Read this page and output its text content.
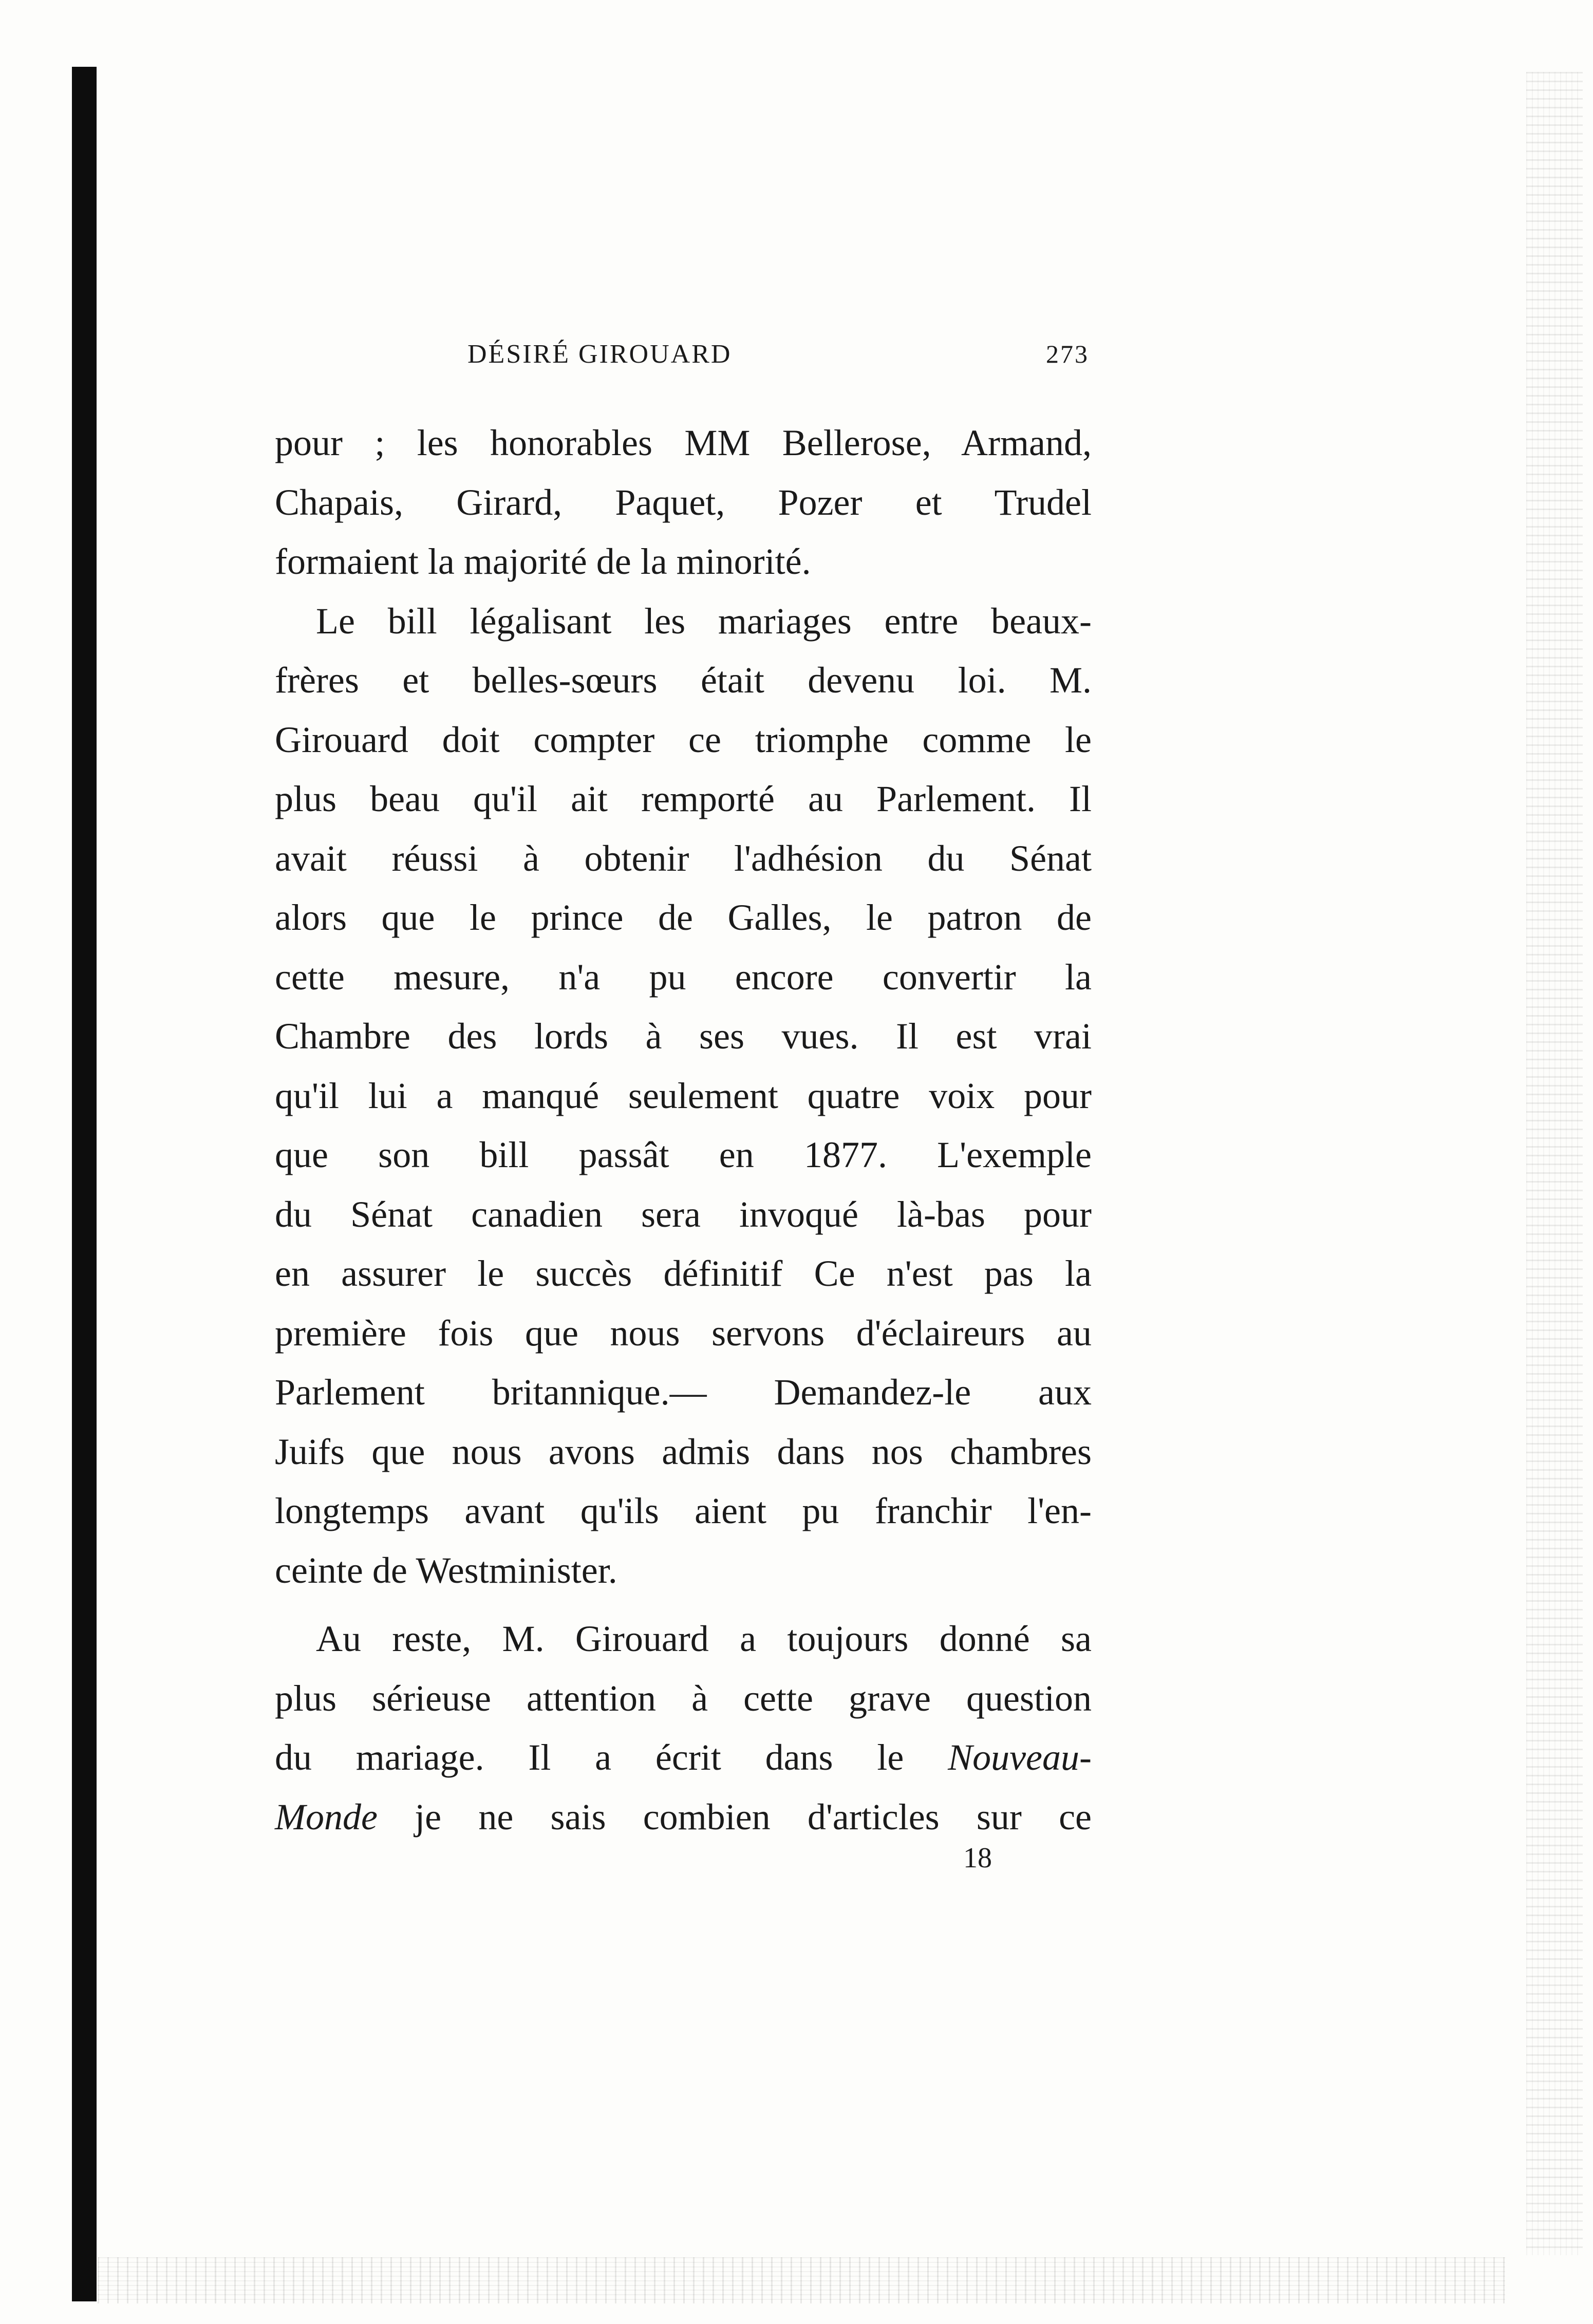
DÉSIRÉ GIROUARD	273
pour ; les honorables MM Bellerose, Armand,
Chapais, Girard, Paquet, Pozer et Trudel
formaient la majorité de la minorité.
Le bill légalisant les mariages entre beaux-
frères et belles-sœurs était devenu loi. M.
Girouard doit compter ce triomphe comme le
plus beau qu'il ait remporté au Parlement. Il
avait réussi à obtenir l'adhésion du Sénat
alors que le prince de Galles, le patron de
cette mesure, n'a pu encore convertir la
Chambre des lords à ses vues. Il est vrai
qu'il lui a manqué seulement quatre voix pour
que son bill passât en 1877. L'exemple
du Sénat canadien sera invoqué là-bas pour
en assurer le succès définitif Ce n'est pas la
première fois que nous servons d'éclaireurs au
Parlement britannique.— Demandez-le aux
Juifs que nous avons admis dans nos chambres
longtemps avant qu'ils aient pu franchir l'en-
ceinte de Westminister.
Au reste, M. Girouard a toujours donné sa
plus sérieuse attention à cette grave question
du mariage. Il a écrit dans le Nouveau-
Monde je ne sais combien d'articles sur ce
18
